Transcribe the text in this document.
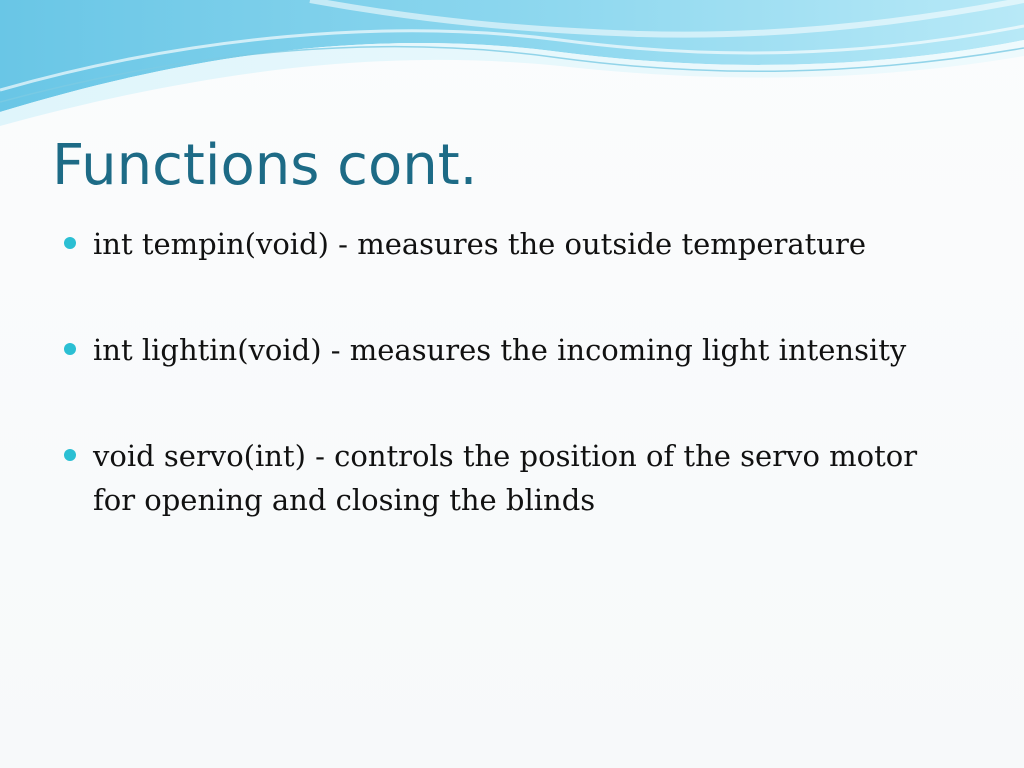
Functions cont.
int tempin(void) - measures the outside temperature
int lightin(void) - measures the incoming light intensity
void servo(int) - controls the position of the servo motor for opening and closing the blinds
